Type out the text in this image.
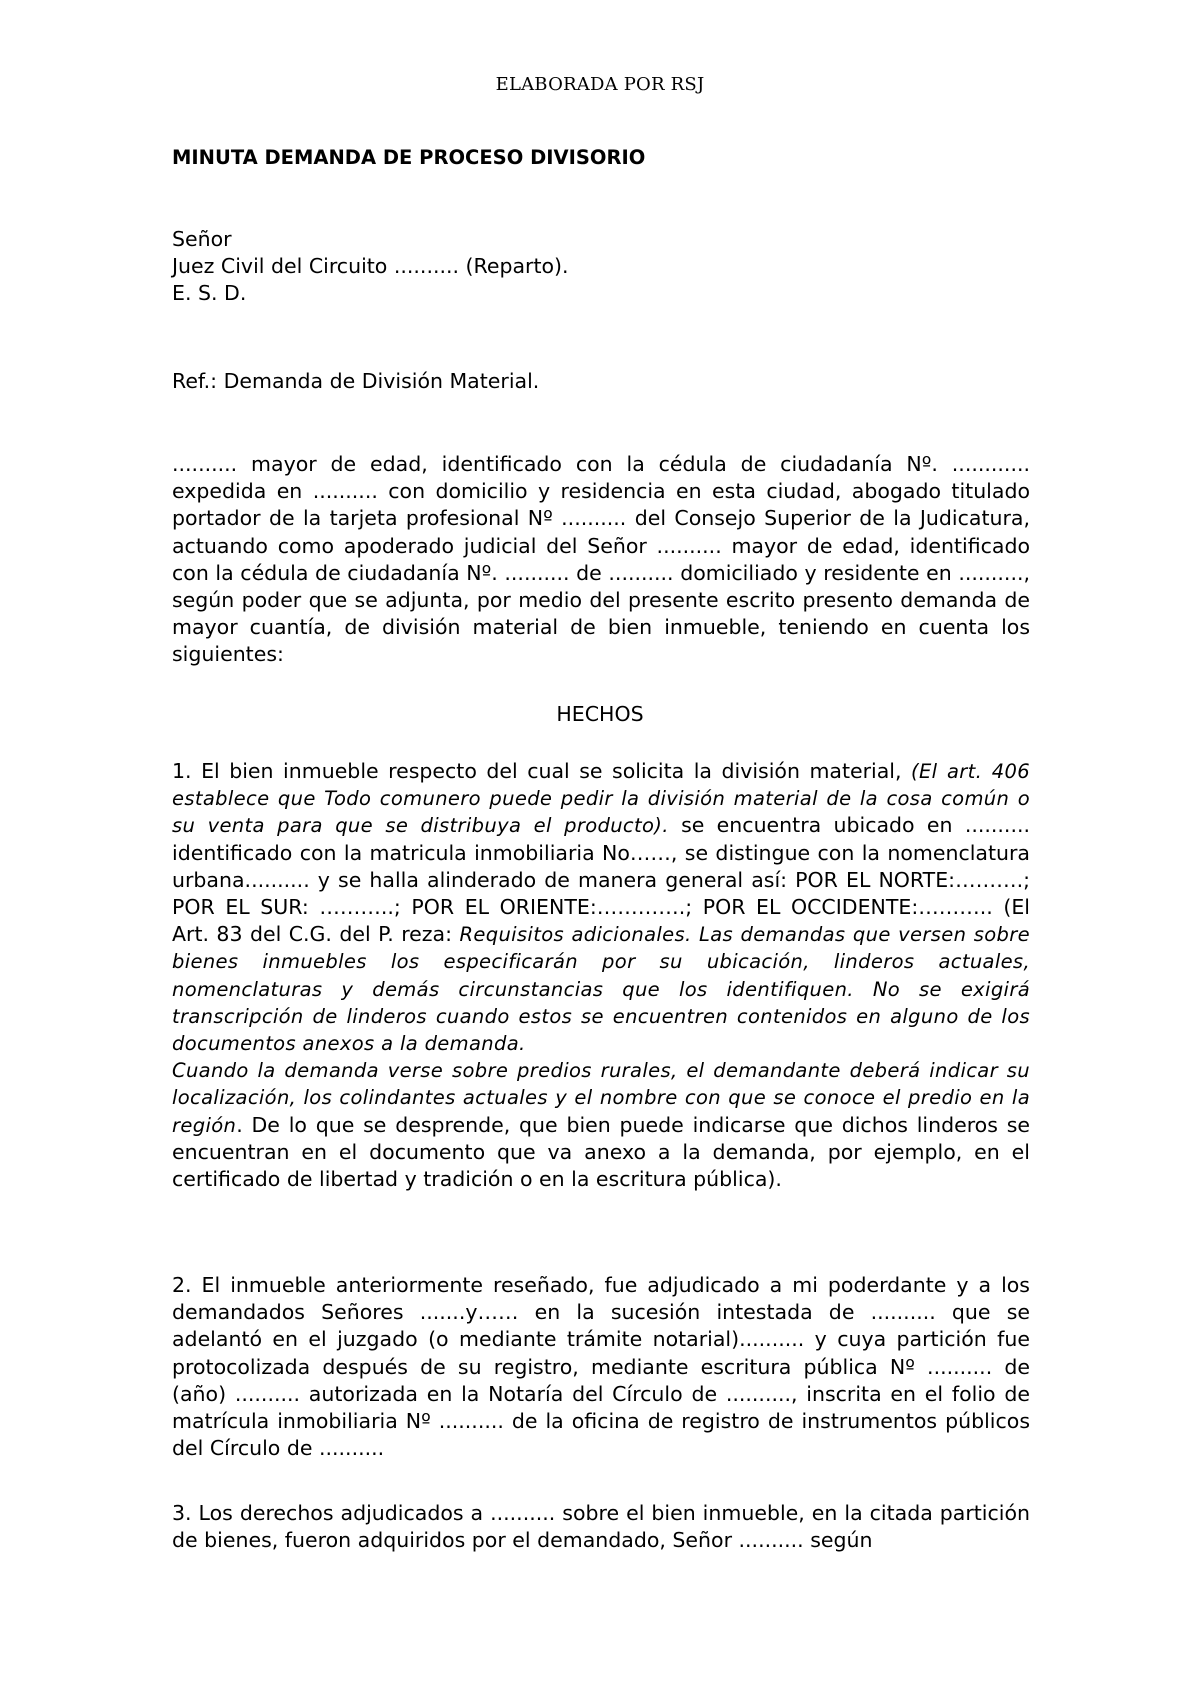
ELABORADA POR RSJ
MINUTA DEMANDA DE PROCESO DIVISORIO
Señor
Juez Civil del Circuito .......... (Reparto).
E. S. D.
Ref.: Demanda de División Material.
.......... mayor de edad, identificado con la cédula de ciudadanía Nº. ............ expedida en .......... con domicilio y residencia en esta ciudad, abogado titulado portador de la tarjeta profesional Nº .......... del Consejo Superior de la Judicatura, actuando como apoderado judicial del Señor .......... mayor de edad, identificado con la cédula de ciudadanía Nº. .......... de .......... domiciliado y residente en .........., según poder que se adjunta, por medio del presente escrito presento demanda de mayor cuantía, de división material de bien inmueble, teniendo en cuenta los siguientes:
HECHOS
1. El bien inmueble respecto del cual se solicita la división material, (El art. 406 establece que Todo comunero puede pedir la división material de la cosa común o su venta para que se distribuya el producto). se encuentra ubicado en .......... identificado con la matricula inmobiliaria No……, se distingue con la nomenclatura urbana.......... y se halla alinderado de manera general así: POR EL NORTE:……….; POR EL SUR: ………..; POR EL ORIENTE:………….; POR EL OCCIDENTE:……….. (El Art. 83 del C.G. del P. reza: Requisitos adicionales. Las demandas que versen sobre bienes inmuebles los especificarán por su ubicación, linderos actuales, nomenclaturas y demás circunstancias que los identifiquen. No se exigirá transcripción de linderos cuando estos se encuentren contenidos en alguno de los documentos anexos a la demanda.
Cuando la demanda verse sobre predios rurales, el demandante deberá indicar su localización, los colindantes actuales y el nombre con que se conoce el predio en la región. De lo que se desprende, que bien puede indicarse que dichos linderos se encuentran en el documento que va anexo a la demanda, por ejemplo, en el certificado de libertad y tradición o en la escritura pública).
2. El inmueble anteriormente reseñado, fue adjudicado a mi poderdante y a los demandados Señores .......y…… en la sucesión intestada de .......... que se adelantó en el juzgado (o mediante trámite notarial).......... y cuya partición fue protocolizada después de su registro, mediante escritura pública Nº .......... de (año) .......... autorizada en la Notaría del Círculo de .........., inscrita en el folio de matrícula inmobiliaria Nº .......... de la oficina de registro de instrumentos públicos del Círculo de ..........
3. Los derechos adjudicados a .......... sobre el bien inmueble, en la citada partición de bienes, fueron adquiridos por el demandado, Señor .......... según
